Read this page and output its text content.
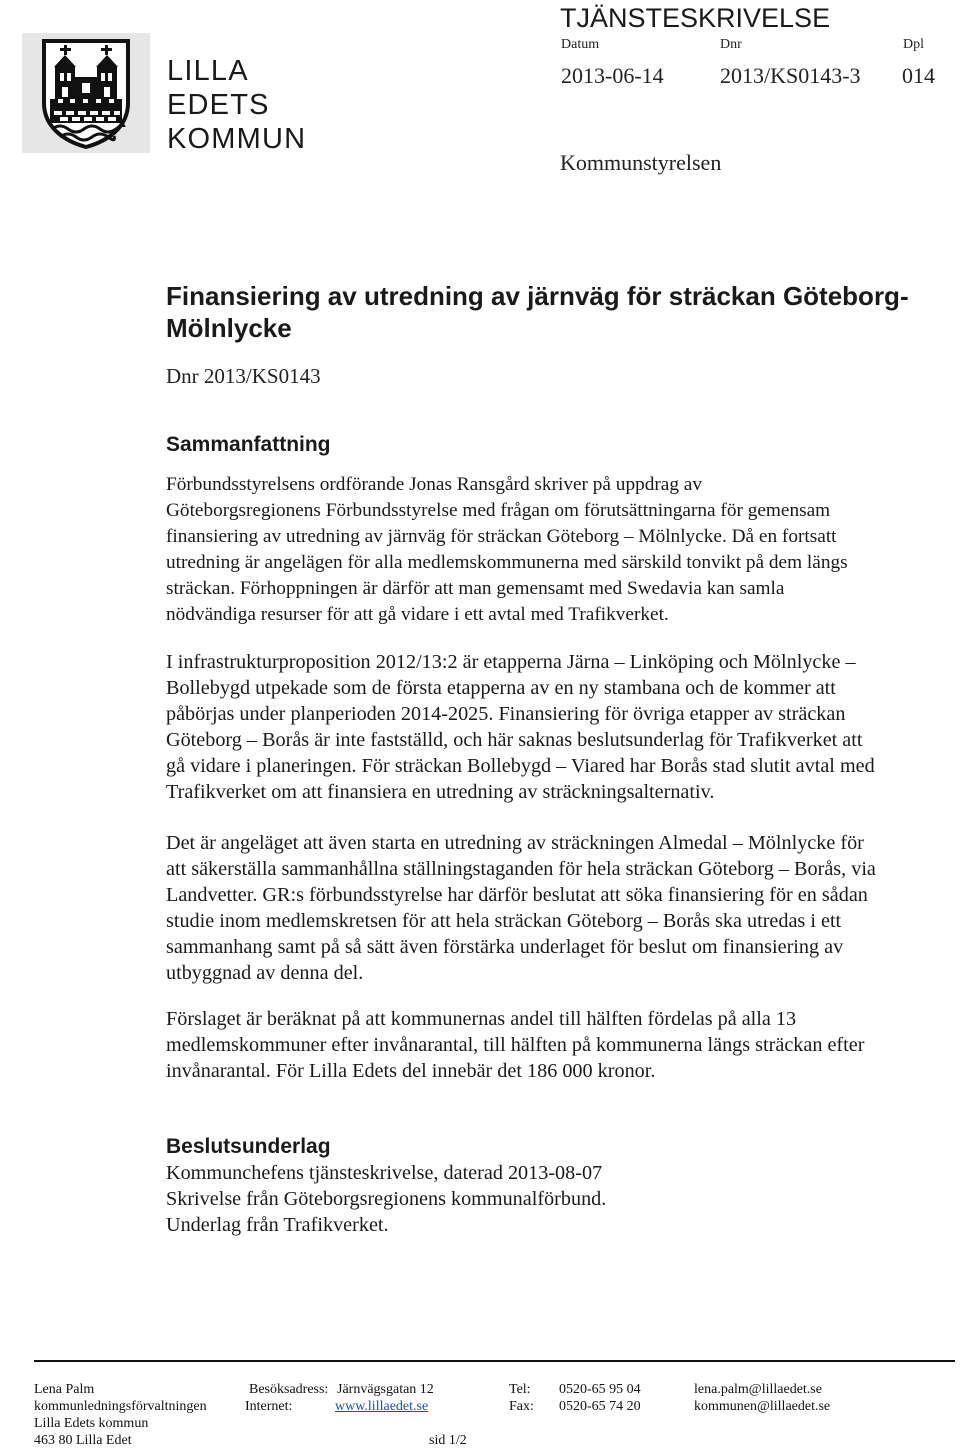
LILLA EDETS
KOMMUN
TJÄNSTESKRIVELSE
Datum	Dnr	Dpl
2013-06-14	2013/KS0143-3 014
Kommunstyrelsen
Finansiering av utredning av järnväg för sträckan Göteborg-
Mölnlycke
Dnr 2013/KS0143
Sammanfattning
Förbundsstyrelsens ordförande Jonas Ransgård skriver på uppdrag av
Göteborgsregionens Förbundsstyrelse med frågan om förutsättningarna för gemensam
finansiering av utredning av järnväg för sträckan Göteborg – Mölnlycke. Då en fortsatt
utredning är angelägen för alla medlemskommunerna med särskild tonvikt på dem längs
sträckan. Förhoppningen är därför att man gemensamt med Swedavia kan samla
nödvändiga resurser för att gå vidare i ett avtal med Trafikverket.
I infrastrukturproposition 2012/13:2 är etapperna Järna – Linköping och Mölnlycke –
Bollebygd utpekade som de första etapperna av en ny stambana och de kommer att
påbörjas under planperioden 2014-2025. Finansiering för övriga etapper av sträckan
Göteborg – Borås är inte fastställd, och här saknas beslutsunderlag för Trafikverket att
gå vidare i planeringen. För sträckan Bollebygd – Viared har Borås stad slutit avtal med
Trafikverket om att finansiera en utredning av sträckningsalternativ.
Det är angeläget att även starta en utredning av sträckningen Almedal – Mölnlycke för
att säkerställa sammanhållna ställningstaganden för hela sträckan Göteborg – Borås, via
Landvetter. GR:s förbundsstyrelse har därför beslutat att söka finansiering för en sådan
studie inom medlemskretsen för att hela sträckan Göteborg – Borås ska utredas i ett
sammanhang samt på så sätt även förstärka underlaget för beslut om finansiering av
utbyggnad av denna del.
Förslaget är beräknat på att kommunernas andel till hälften fördelas på alla 13
medlemskommuner efter invånarantal, till hälften på kommunerna längs sträckan efter
invånarantal. För Lilla Edets del innebär det 186 000 kronor.
Beslutsunderlag
Kommunchefens tjänsteskrivelse, daterad 2013-08-07
Skrivelse från Göteborgsregionens kommunalförbund.
Underlag från Trafikverket.
Lena Palm
kommunledningsförvaltningen
Lilla Edets kommun
463 80 Lilla Edet
Besöksadress: Järnvägsgatan 12
Internet:	www.lillaedet.se
sid 1/2
Tel: 0520-65 95 04
Fax: 0520-65 74 20
lena.palm@lillaedet.se
kommunen@lillaedet.se
